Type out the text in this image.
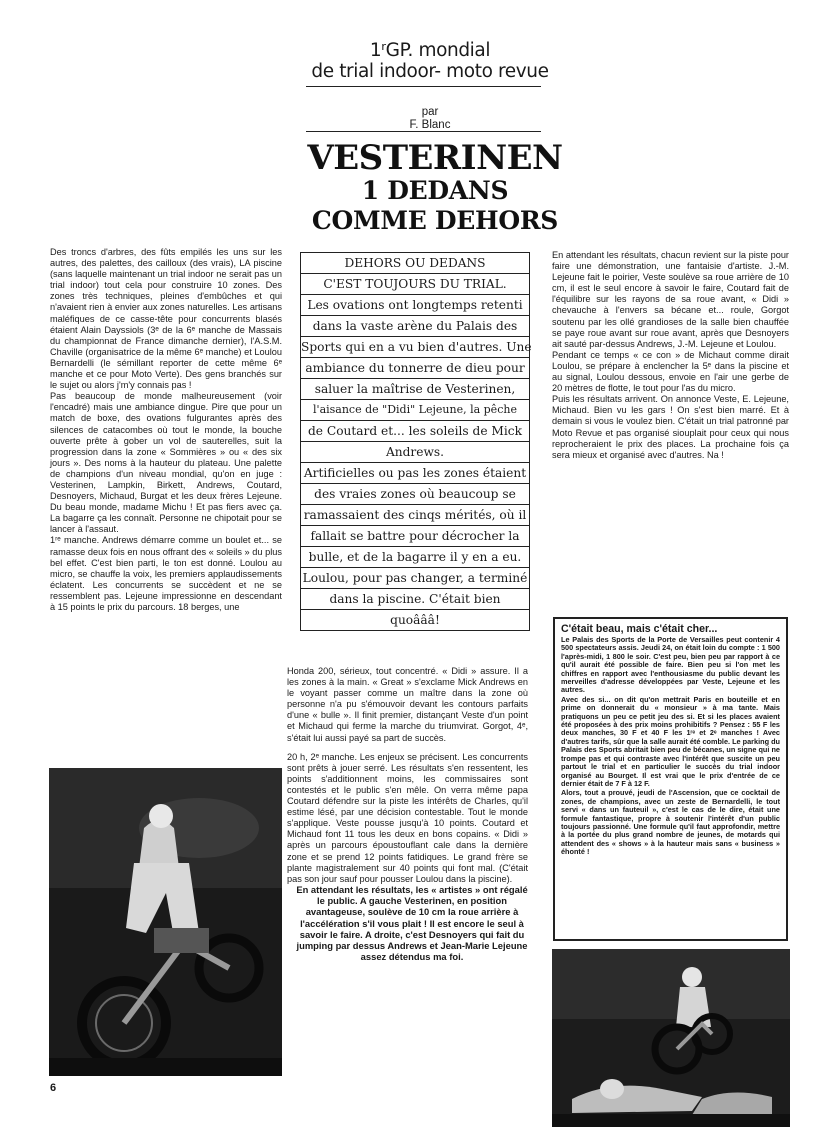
1ʳGP. mondial
de trial indoor- moto revue
par
F. Blanc
VESTERINEN
1 DEDANS
COMME DEHORS

Des troncs d'arbres, des fûts empilés les uns sur les autres, des palettes, des cailloux (des vrais), LA piscine (sans laquelle maintenant un trial indoor ne serait pas un trial indoor) tout cela pour construire 10 zones. Des zones très techniques, pleines d'embûches et qui n'avaient rien à envier aux zones naturelles. Les artisans maléfiques de ce casse-tête pour concurrents blasés étaient Alain Dayssiols (3ᵉ de la 6ᵉ manche de Massais du championnat de France dimanche dernier), l'A.S.M. Chaville (organisatrice de la même 6ᵉ manche) et Loulou Bernardelli (le sémillant reporter de cette même 6ᵉ manche et ce pour Moto Verte). Des gens branchés sur le sujet ou alors j'm'y connais pas !

Pas beaucoup de monde malheureusement (voir l'encadré) mais une ambiance dingue. Pire que pour un match de boxe, des ovations fulgurantes après des silences de catacombes où tout le monde, la bouche ouverte prête à gober un vol de sauterelles, suit la progression dans la zone « Sommières » ou « des six jours ». Des noms à la hauteur du plateau. Une palette de champions d'un niveau mondial, qu'on en juge : Vesterinen, Lampkin, Birkett, Andrews, Coutard, Desnoyers, Michaud, Burgat et les deux frères Lejeune. Du beau monde, madame Michu ! Et pas fiers avec ça. La bagarre ça les connaît. Personne ne chipotait pour se lancer à l'assaut.

1ʳᵉ manche. Andrews démarre comme un boulet et... se ramasse deux fois en nous offrant des « soleils » du plus bel effet. C'est bien parti, le ton est donné. Loulou au micro, se chauffe la voix, les premiers applaudissements éclatent. Les concurrents se succèdent et ne se ressemblent pas. Lejeune impressionne en descendant à 15 points le prix du parcours. 18 berges, une

DEHORS OU DEDANS
C'EST TOUJOURS DU TRIAL.
Les ovations ont longtemps retenti
dans la vaste arène du Palais des
Sports qui en a vu bien d'autres. Une
ambiance du tonnerre de dieu pour
saluer la maîtrise de Vesterinen,
l'aisance de "Didi" Lejeune, la pêche
de Coutard et... les soleils de Mick
Andrews.
Artificielles ou pas les zones étaient
des vraies zones où beaucoup se
ramassaient des cinqs mérités, où il
fallait se battre pour décrocher la
bulle, et de la bagarre il y en a eu.
Loulou, pour pas changer, a terminé
dans la piscine. C'était bien
quoâââ!

Honda 200, sérieux, tout concentré. « Didi » assure. Il a les zones à la main. « Great » s'exclame Mick Andrews en le voyant passer comme un maître dans la zone où personne n'a pu s'émouvoir devant les contours parfaits d'une « bulle ». Il finit premier, distançant Veste d'un point et Michaud qui ferme la marche du triumvirat. Gorgot, 4ᵉ, s'était lui aussi payé sa part de succès.

20 h, 2ᵉ manche. Les enjeux se précisent. Les concurrents sont prêts à jouer serré. Les résultats s'en ressentent, les points s'additionnent moins, les commissaires sont contestés et le public s'en mêle. On verra même papa Coutard défendre sur la piste les intérêts de Charles, qu'il estime lésé, par une décision contestable. Tout le monde s'applique. Veste pousse jusqu'à 10 points. Coutard et Michaud font 11 tous les deux en bons copains. « Didi » après un parcours époustouflant cale dans la dernière zone et se prend 12 points fatidiques. Le grand frère se plante magistralement sur 40 points qui font mal. (C'était pas son jour sauf pour pousser Loulou dans la piscine).

En attendant les résultats, les « artistes » ont régalé le public. A gauche Vesterinen, en position avantageuse, soulève de 10 cm la roue arrière à l'accélération s'il vous plait ! Il est encore le seul à savoir le faire. A droite, c'est Desnoyers qui fait du jumping par dessus Andrews et Jean-Marie Lejeune assez détendus ma foi.

En attendant les résultats, chacun revient sur la piste pour faire une démonstration, une fantaisie d'artiste. J.-M. Lejeune fait le poirier, Veste soulève sa roue arrière de 10 cm, il est le seul encore à savoir le faire, Coutard fait de l'équilibre sur les rayons de sa roue avant, « Didi » chevauche à l'envers sa bécane et... roule, Gorgot soutenu par les ollé grandioses de la salle bien chauffée se paye roue avant sur roue avant, après que Desnoyers ait sauté par-dessus Andrews, J.-M. Lejeune et Loulou.

Pendant ce temps « ce con » de Michaut comme dirait Loulou, se prépare à enclencher la 5ᵉ dans la piscine et au signal, Loulou dessous, envoie en l'air une gerbe de 20 mètres de flotte, le tout pour l'as du micro.

Puis les résultats arrivent. On annonce Veste, E. Lejeune, Michaud. Bien vu les gars ! On s'est bien marré. Et à demain si vous le voulez bien. C'était un trial patronné par Moto Revue et pas organisé siouplait pour ceux qui nous reprocheraient le prix des places. La prochaine fois ça sera mieux et organisé avec d'autres. Na !

C'était beau, mais c'était cher...
Le Palais des Sports de la Porte de Versailles peut contenir 4 500 spectateurs assis. Jeudi 24, on était loin du compte : 1 500 l'après-midi, 1 800 le soir. C'est peu, bien peu par rapport à ce qu'il aurait été possible de faire. Bien peu si l'on met les chiffres en rapport avec l'enthousiasme du public devant les merveilles d'adresse développées par Veste, Lejeune et les autres.
Avec des si... on dit qu'on mettrait Paris en bouteille et en prime on donnerait du « monsieur » à ma tante. Mais pratiquons un peu ce petit jeu des si. Et si les places avaient été proposées à des prix moins prohibitifs ? Pensez : 55 F les deux manches, 30 F et 40 F les 1ʳᵉ et 2ᵉ manches ! Avec d'autres tarifs, sûr que la salle aurait été comble. Le parking du Palais des Sports abritait bien peu de bécanes, un signe qui ne trompe pas et qui contraste avec l'intérêt que suscite un peu partout le trial et en particulier le succès du trial indoor organisé au Bourget. Il est vrai que le prix d'entrée de ce dernier était de 7 F à 12 F.
Alors, tout a prouvé, jeudi de l'Ascension, que ce cocktail de zones, de champions, avec un zeste de Bernardelli, le tout servi « dans un fauteuil », c'est le cas de le dire, était une formule fantastique, propre à soutenir l'intérêt d'un public toujours passionné. Une formule qu'il faut approfondir, mettre à la portée du plus grand nombre de jeunes, de motards qui attendent des « shows » à la hauteur mais sans « business » éhonté !
6
